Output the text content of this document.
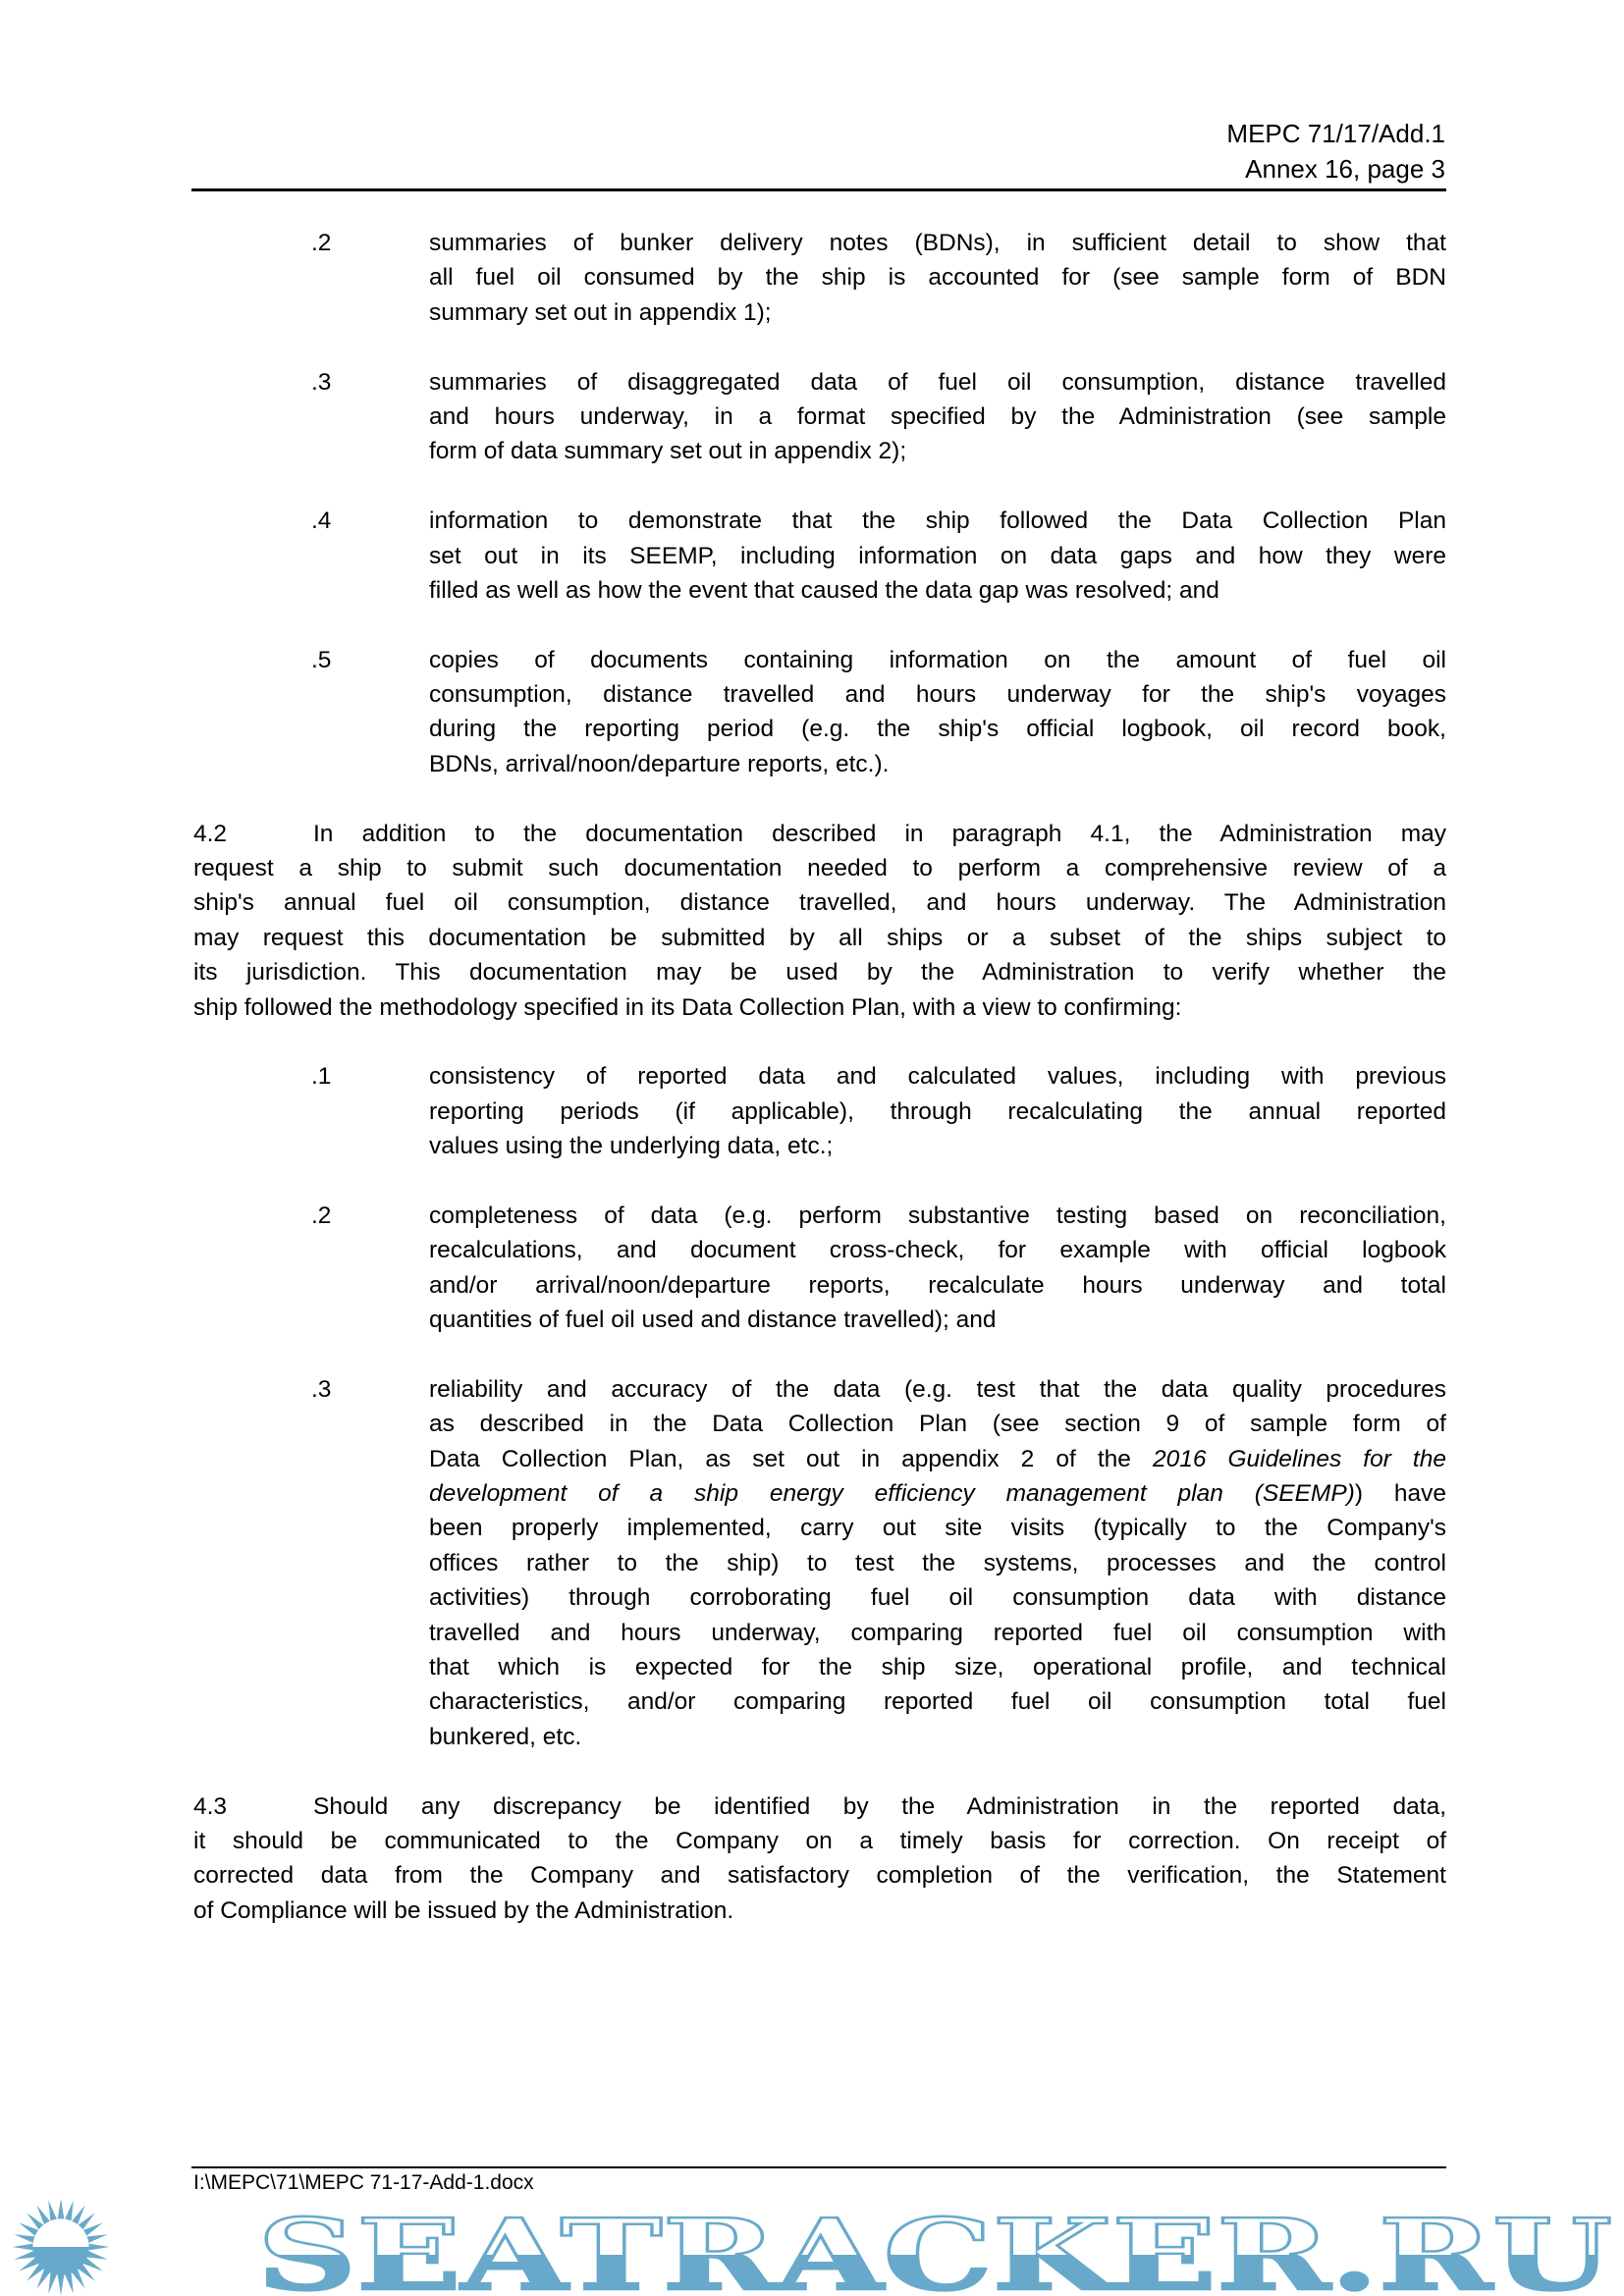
MEPC 71/17/Add.1
Annex 16, page 3
.2	summaries of bunker delivery notes (BDNs), in sufficient detail to show that
all fuel oil consumed by the ship is accounted for (see sample form of BDN
summary set out in appendix 1);
.3	summaries of disaggregated data of fuel oil consumption, distance travelled
and hours underway, in a format specified by the Administration (see sample
form of data summary set out in appendix 2);
.4	information to demonstrate that the ship followed the Data Collection Plan
set out in its SEEMP, including information on data gaps and how they were
filled as well as how the event that caused the data gap was resolved; and
.5	copies of documents containing information on the amount of fuel oil
consumption, distance travelled and hours underway for the ship's voyages
during the reporting period (e.g. the ship's official logbook, oil record book,
BDNs, arrival/noon/departure reports, etc.).
4.2	In addition to the documentation described in paragraph 4.1, the Administration may
request a ship to submit such documentation needed to perform a comprehensive review of a
ship's annual fuel oil consumption, distance travelled, and hours underway. The Administration
may request this documentation be submitted by all ships or a subset of the ships subject to
its jurisdiction. This documentation may be used by the Administration to verify whether the
ship followed the methodology specified in its Data Collection Plan, with a view to confirming:
.1	consistency of reported data and calculated values, including with previous
reporting periods (if applicable), through recalculating the annual reported
values using the underlying data, etc.;
.2	completeness of data (e.g. perform substantive testing based on reconciliation,
recalculations, and document cross-check, for example with official logbook
and/or arrival/noon/departure reports, recalculate hours underway and total
quantities of fuel oil used and distance travelled); and
.3	reliability and accuracy of the data (e.g. test that the data quality procedures
as described in the Data Collection Plan (see section 9 of sample form of
Data Collection Plan, as set out in appendix 2 of the 2016 Guidelines for the
development of a ship energy efficiency management plan (SEEMP)) have
been properly implemented, carry out site visits (typically to the Company's
offices rather to the ship) to test the systems, processes and the control
activities) through corroborating fuel oil consumption data with distance
travelled and hours underway, comparing reported fuel oil consumption with
that which is expected for the ship size, operational profile, and technical
characteristics, and/or comparing reported fuel oil consumption total fuel
bunkered, etc.
4.3	Should any discrepancy be identified by the Administration in the reported data,
it should be communicated to the Company on a timely basis for correction. On receipt of
corrected data from the Company and satisfactory completion of the verification, the Statement
of Compliance will be issued by the Administration.
I:\MEPC\71\MEPC 71-17-Add-1.docx
SEATRACKER.RU
